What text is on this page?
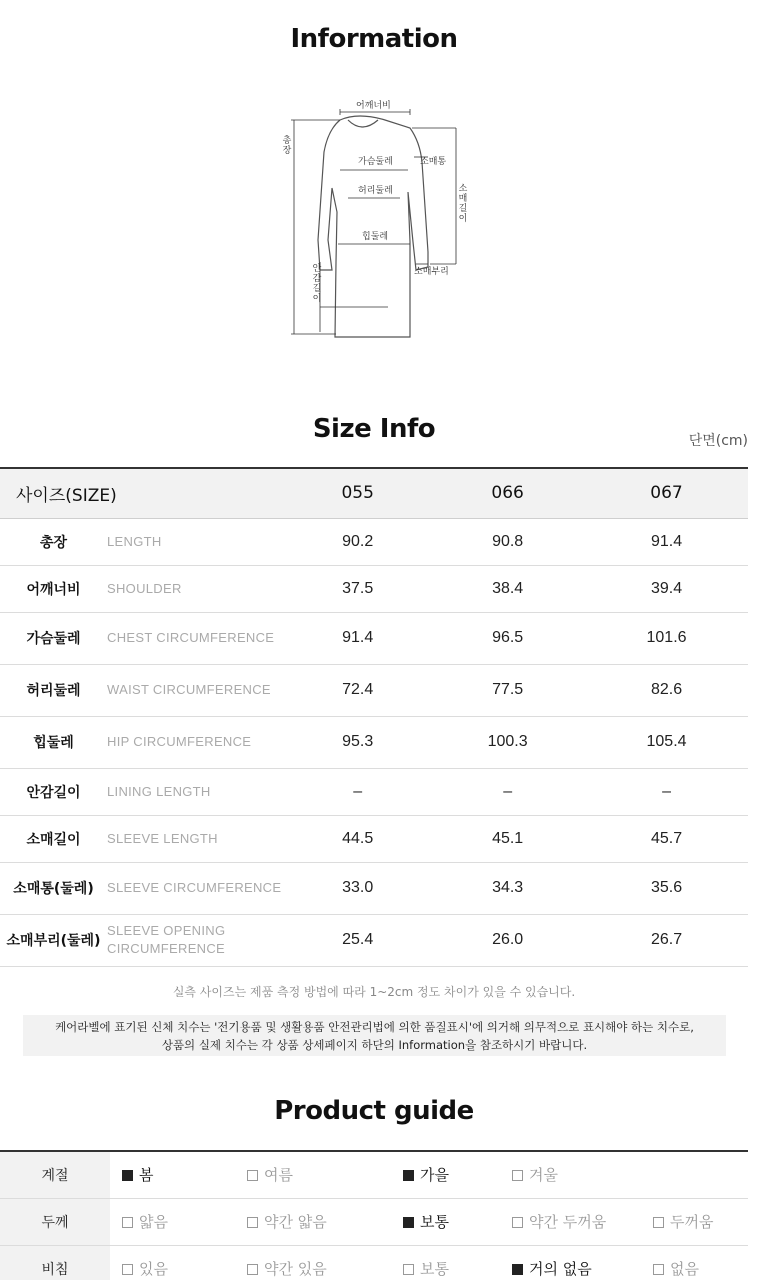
Information
어깨너비
총장
가슴둘레	소매통
허리둘레	소매길이
힙둘레
소매부리
안감길이
Size Info	단면(cm)
사이즈(SIZE)		055	066	067
총장	LENGTH	90.2	90.8	91.4
어깨너비	SHOULDER	37.5	38.4	39.4
가슴둘레	CHEST CIRCUMFERENCE	91.4	96.5	101.6
허리둘레	WAIST CIRCUMFERENCE	72.4	77.5	82.6
힙둘레	HIP CIRCUMFERENCE	95.3	100.3	105.4
안감길이	LINING LENGTH	–	–	–
소매길이	SLEEVE LENGTH	44.5	45.1	45.7
소매통(둘레)	SLEEVE CIRCUMFERENCE	33.0	34.3	35.6
소매부리(둘레)	SLEEVE OPENING CIRCUMFERENCE	25.4	26.0	26.7
실측 사이즈는 제품 측정 방법에 따라 1~2cm 정도 차이가 있을 수 있습니다.
케어라벨에 표기된 신체 치수는 '전기용품 및 생활용품 안전관리법에 의한 품질표시'에 의거해 의무적으로 표시해야 하는 치수로,
상품의 실제 치수는 각 상품 상세페이지 하단의 Information을 참조하시기 바랍니다.
Product guide
계절	봄	여름	가을	겨울	
두께	얇음	약간 얇음	보통	약간 두꺼움	두꺼움
비침	있음	약간 있음	보통	거의 없음	없음
